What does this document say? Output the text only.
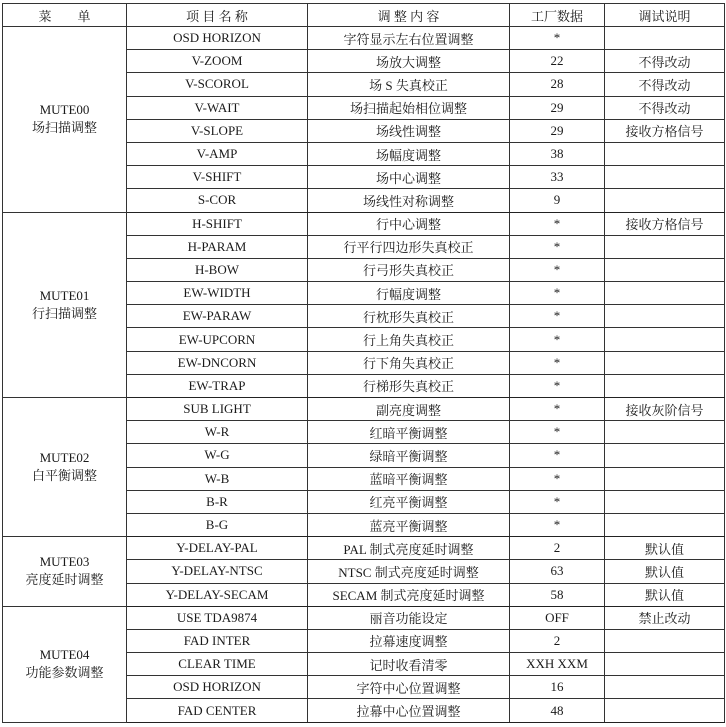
菜　　单	项 目 名 称	调 整 内 容	工厂数据	调试说明

MUTE00
场扫描调整	OSD HORIZON	字符显示左右位置调整	*	
	V-ZOOM	场放大调整	22	不得改动
	V-SCOROL	场 S 失真校正	28	不得改动
	V-WAIT	场扫描起始相位调整	29	不得改动
	V-SLOPE	场线性调整	29	接收方格信号
	V-AMP	场幅度调整	38	
	V-SHIFT	场中心调整	33	
	S-COR	场线性对称调整	9	

MUTE01
行扫描调整	H-SHIFT	行中心调整	*	接收方格信号
	H-PARAM	行平行四边形失真校正	*	
	H-BOW	行弓形失真校正	*	
	EW-WIDTH	行幅度调整	*	
	EW-PARAW	行枕形失真校正	*	
	EW-UPCORN	行上角失真校正	*	
	EW-DNCORN	行下角失真校正	*	
	EW-TRAP	行梯形失真校正	*	

MUTE02
白平衡调整	SUB LIGHT	副亮度调整	*	接收灰阶信号
	W-R	红暗平衡调整	*	
	W-G	绿暗平衡调整	*	
	W-B	蓝暗平衡调整	*	
	B-R	红亮平衡调整	*	
	B-G	蓝亮平衡调整	*	

MUTE03
亮度延时调整	Y-DELAY-PAL	PAL 制式亮度延时调整	2	默认值
	Y-DELAY-NTSC	NTSC 制式亮度延时调整	63	默认值
	Y-DELAY-SECAM	SECAM 制式亮度延时调整	58	默认值

MUTE04
功能参数调整	USE TDA9874	丽音功能设定	OFF	禁止改动
	FAD INTER	拉幕速度调整	2	
	CLEAR TIME	记时收看清零	XXH XXM	
	OSD HORIZON	字符中心位置调整	16	
	FAD CENTER	拉幕中心位置调整	48	
